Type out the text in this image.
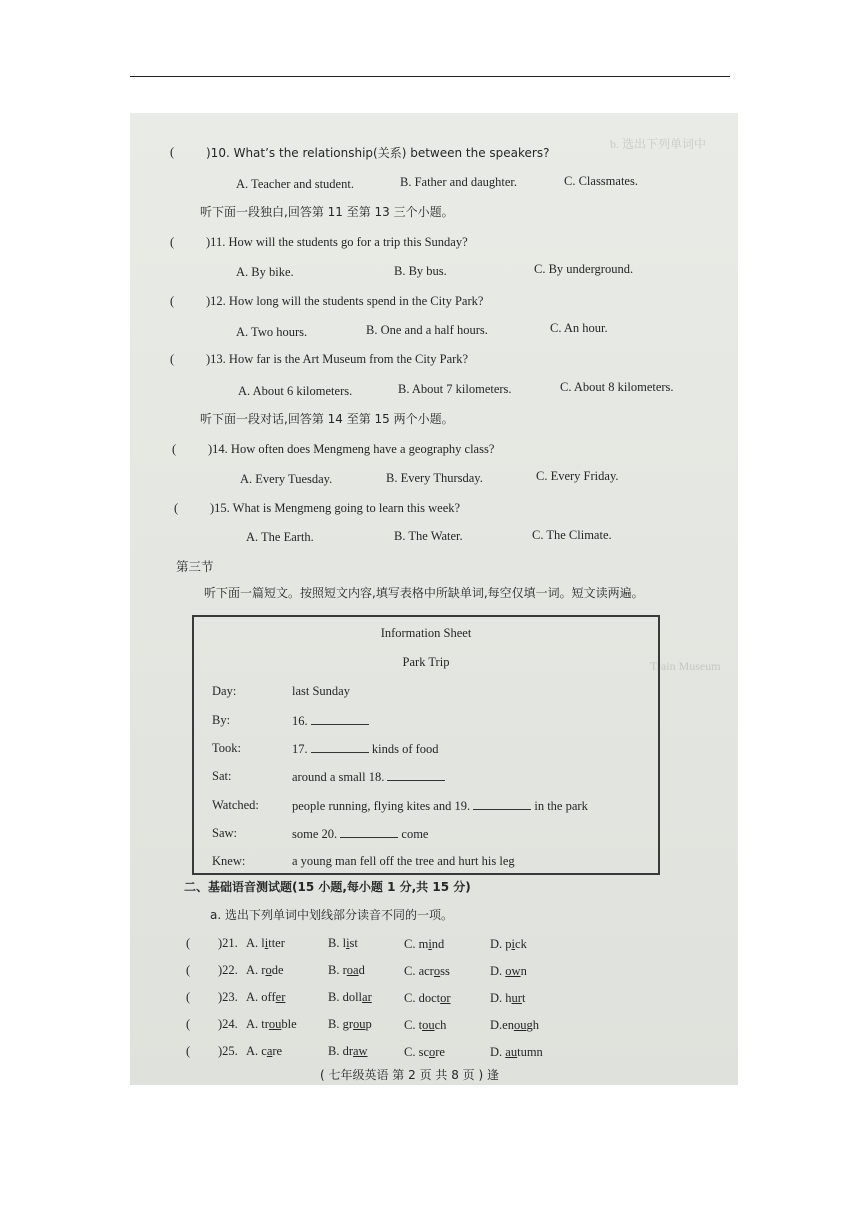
b. 选出下列单词中
Train Museum
(	)10. What’s the relationship(关系) between the speakers?
A. Teacher and student.	B. Father and daughter.	C. Classmates.
听下面一段独白,回答第 11 至第 13 三个小题。
(	)11. How will the students go for a trip this Sunday?
A. By bike.	B. By bus.	C. By underground.
(	)12. How long will the students spend in the City Park?
A. Two hours.	B. One and a half hours.	C. An hour.
(	)13. How far is the Art Museum from the City Park?
A. About 6 kilometers.	B. About 7 kilometers.	C. About 8 kilometers.
听下面一段对话,回答第 14 至第 15 两个小题。
(	)14. How often does Mengmeng have a geography class?
A. Every Tuesday.	B. Every Thursday.	C. Every Friday.
(	)15. What is Mengmeng going to learn this week?
A. The Earth.	B. The Water.	C. The Climate.
第三节
听下面一篇短文。按照短文内容,填写表格中所缺单词,每空仅填一词。短文读两遍。
Information Sheet
Park Trip
Day:	last Sunday
By:	16.
Took:	17.	kinds of food
Sat:	around a small 18.
Watched:	people running, flying kites and 19.	in the park
Saw:	some 20.	come
Knew:	a young man fell off the tree and hurt his leg
二、基础语音测试题(15 小题,每小题 1 分,共 15 分)
a. 选出下列单词中划线部分读音不同的一项。
( )21. A. litter	B. list	C. mind	D. pick
( )22. A. rode	B. road	C. across	D. own
( )23. A. offer	B. dollar	C. doctor	D. hurt
( )24. A. trouble	B. group	C. touch	D.enough
( )25. A. care	B. draw	C. score	D. autumn
( 七年级英语 第 2 页 共 8 页 ) 逢
